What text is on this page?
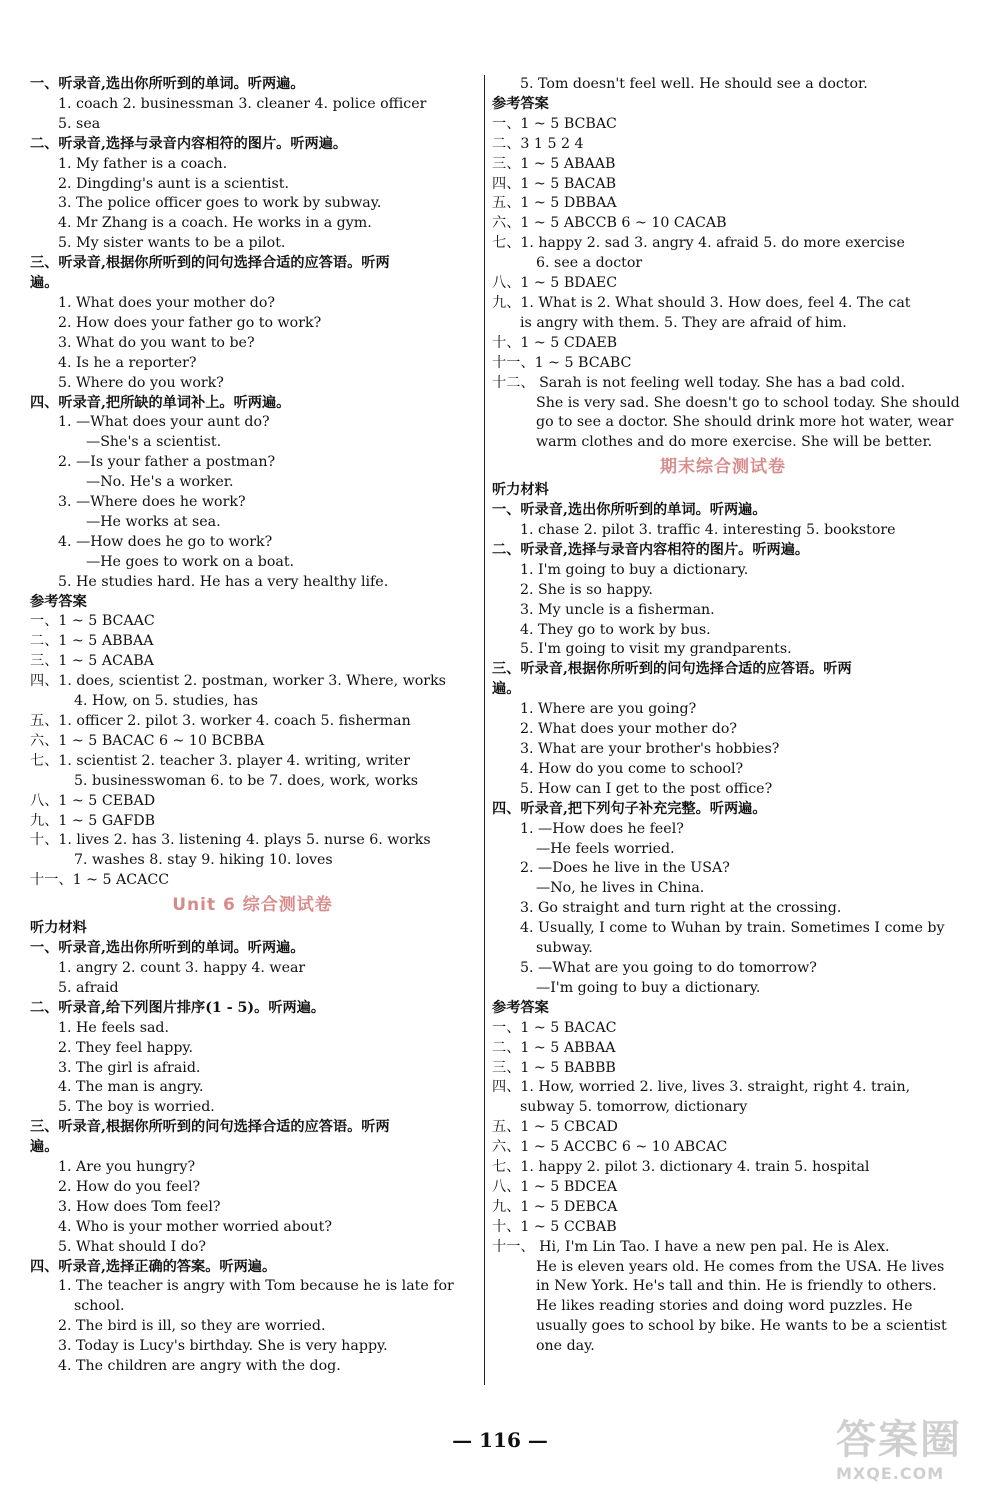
一、听录音,选出你所听到的单词。听两遍。
1. coach 2. businessman 3. cleaner 4. police officer
5. sea
二、听录音,选择与录音内容相符的图片。听两遍。
1. My father is a coach.
2. Dingding's aunt is a scientist.
3. The police officer goes to work by subway.
4. Mr Zhang is a coach. He works in a gym.
5. My sister wants to be a pilot.
三、听录音,根据你所听到的问句选择合适的应答语。听两
遍。
1. What does your mother do?
2. How does your father go to work?
3. What do you want to be?
4. Is he a reporter?
5. Where do you work?
四、听录音,把所缺的单词补上。听两遍。
1. —What does your aunt do?
—She's a scientist.
2. —Is your father a postman?
—No. He's a worker.
3. —Where does he work?
—He works at sea.
4. —How does he go to work?
—He goes to work on a boat.
5. He studies hard. He has a very healthy life.
参考答案
一、1 ~ 5 BCAAC
二、1 ~ 5 ABBAA
三、1 ~ 5 ACABA
四、1. does, scientist 2. postman, worker 3. Where, works
4. How, on 5. studies, has
五、1. officer 2. pilot 3. worker 4. coach 5. fisherman
六、1 ~ 5 BACAC 6 ~ 10 BCBBA
七、1. scientist 2. teacher 3. player 4. writing, writer
5. businesswoman 6. to be 7. does, work, works
八、1 ~ 5 CEBAD
九、1 ~ 5 GAFDB
十、1. lives 2. has 3. listening 4. plays 5. nurse 6. works
7. washes 8. stay 9. hiking 10. loves
十一、1 ~ 5 ACACC
Unit 6 综合测试卷
听力材料
一、听录音,选出你所听到的单词。听两遍。
1. angry 2. count 3. happy 4. wear
5. afraid
二、听录音,给下列图片排序(1 - 5)。听两遍。
1. He feels sad.
2. They feel happy.
3. The girl is afraid.
4. The man is angry.
5. The boy is worried.
三、听录音,根据你所听到的问句选择合适的应答语。听两
遍。
1. Are you hungry?
2. How do you feel?
3. How does Tom feel?
4. Who is your mother worried about?
5. What should I do?
四、听录音,选择正确的答案。听两遍。
1. The teacher is angry with Tom because he is late for
school.
2. The bird is ill, so they are worried.
3. Today is Lucy's birthday. She is very happy.
4. The children are angry with the dog.
5. Tom doesn't feel well. He should see a doctor.
参考答案
一、1 ~ 5 BCBAC
二、3 1 5 2 4
三、1 ~ 5 ABAAB
四、1 ~ 5 BACAB
五、1 ~ 5 DBBAA
六、1 ~ 5 ABCCB 6 ~ 10 CACAB
七、1. happy 2. sad 3. angry 4. afraid 5. do more exercise
6. see a doctor
八、1 ~ 5 BDAEC
九、1. What is 2. What should 3. How does, feel 4. The cat
is angry with them. 5. They are afraid of him.
十、1 ~ 5 CDAEB
十一、1 ~ 5 BCABC
十二、 Sarah is not feeling well today. She has a bad cold.
She is very sad. She doesn't go to school today. She should
go to see a doctor. She should drink more hot water, wear
warm clothes and do more exercise. She will be better.
期末综合测试卷
听力材料
一、听录音,选出你所听到的单词。听两遍。
1. chase 2. pilot 3. traffic 4. interesting 5. bookstore
二、听录音,选择与录音内容相符的图片。听两遍。
1. I'm going to buy a dictionary.
2. She is so happy.
3. My uncle is a fisherman.
4. They go to work by bus.
5. I'm going to visit my grandparents.
三、听录音,根据你所听到的问句选择合适的应答语。听两
遍。
1. Where are you going?
2. What does your mother do?
3. What are your brother's hobbies?
4. How do you come to school?
5. How can I get to the post office?
四、听录音,把下列句子补充完整。听两遍。
1. —How does he feel?
—He feels worried.
2. —Does he live in the USA?
—No, he lives in China.
3. Go straight and turn right at the crossing.
4. Usually, I come to Wuhan by train. Sometimes I come by
subway.
5. —What are you going to do tomorrow?
—I'm going to buy a dictionary.
参考答案
一、1 ~ 5 BACAC
二、1 ~ 5 ABBAA
三、1 ~ 5 BABBB
四、1. How, worried 2. live, lives 3. straight, right 4. train,
subway 5. tomorrow, dictionary
五、1 ~ 5 CBCAD
六、1 ~ 5 ACCBC 6 ~ 10 ABCAC
七、1. happy 2. pilot 3. dictionary 4. train 5. hospital
八、1 ~ 5 BDCEA
九、1 ~ 5 DEBCA
十、1 ~ 5 CCBAB
十一、 Hi, I'm Lin Tao. I have a new pen pal. He is Alex.
He is eleven years old. He comes from the USA. He lives
in New York. He's tall and thin. He is friendly to others.
He likes reading stories and doing word puzzles. He
usually goes to school by bike. He wants to be a scientist
one day.
— 116 —	答案圈
MXQE.COM
